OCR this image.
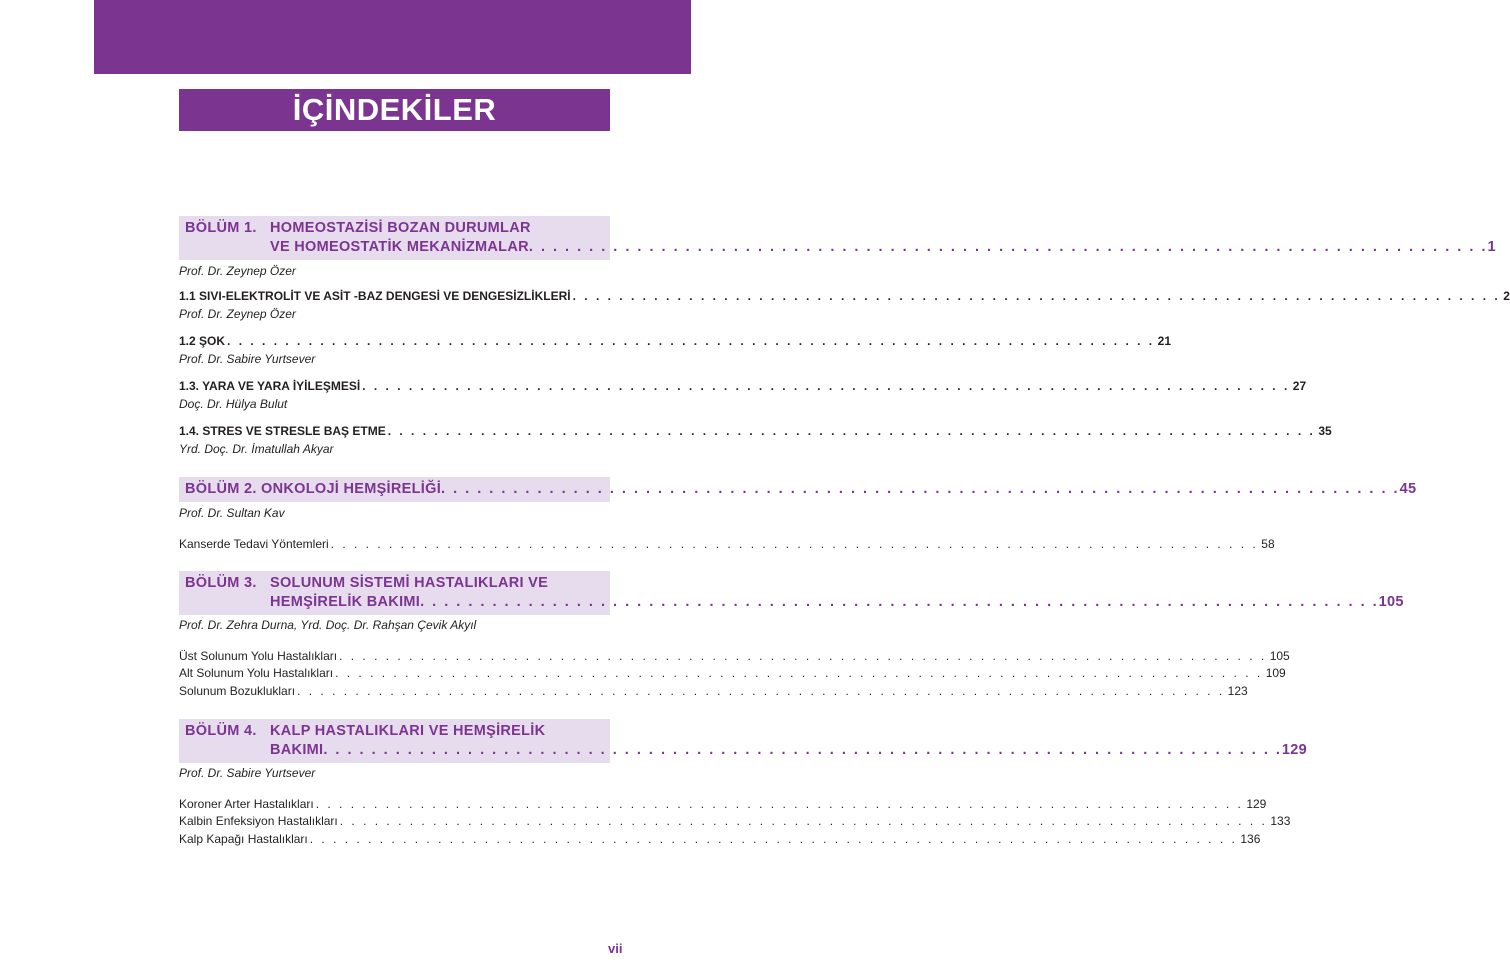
İÇİNDEKİLER
BÖLÜM 1. HOMEOSTAZİSİ BOZAN DURUMLAR
VE HOMEOSTATİK MEKANİZMALAR . . . . . . . . . . . . . . . . . . . . . . . . . . . . . . . . . . . . . . . . . . . . . . . . . . . . . . . . . . . . . . . . . . . . . . . . . . . . . . . . 1
Prof. Dr. Zeynep Özer
1.1 SIVI-ELEKTROLİT VE ASİT -BAZ DENGESİ VE DENGESİZLİKLERİ . . . . . . . . . . . . . . . . . . . . . . . . . . . . . . . . . . . . . . . . . . . . . . . . . . . . . . . . . . . . . . . . . . . . . . . . . . . . . . . . 2
Prof. Dr. Zeynep Özer
1.2 ŞOK . . . . . . . . . . . . . . . . . . . . . . . . . . . . . . . . . . . . . . . . . . . . . . . . . . . . . . . . . . . . . . . . . . . . . . . . . . . . . . . . 21
Prof. Dr. Sabire Yurtsever
1.3. YARA VE YARA İYİLEŞMESİ . . . . . . . . . . . . . . . . . . . . . . . . . . . . . . . . . . . . . . . . . . . . . . . . . . . . . . . . . . . . . . . . . . . . . . . . . . . . . . . . 27
Doç. Dr. Hülya Bulut
1.4. STRES VE STRESLE BAŞ ETME . . . . . . . . . . . . . . . . . . . . . . . . . . . . . . . . . . . . . . . . . . . . . . . . . . . . . . . . . . . . . . . . . . . . . . . . . . . . . . . . 35
Yrd. Doç. Dr. İmatullah Akyar
BÖLÜM 2. ONKOLOJİ HEMŞİRELİĞİ . . . . . . . . . . . . . . . . . . . . . . . . . . . . . . . . . . . . . . . . . . . . . . . . . . . . . . . . . . . . . . . . . . . . . . . . . . . . . . . . 45
Prof. Dr. Sultan Kav
Kanserde Tedavi Yöntemleri . . . . . . . . . . . . . . . . . . . . . . . . . . . . . . . . . . . . . . . . . . . . . . . . . . . . . . . . . . . . . . . . . . . . . . . . . . . . . . . . 58
BÖLÜM 3. SOLUNUM SİSTEMİ HASTALIKLARI VE
HEMŞİRELİK BAKIMI . . . . . . . . . . . . . . . . . . . . . . . . . . . . . . . . . . . . . . . . . . . . . . . . . . . . . . . . . . . . . . . . . . . . . . . . . . . . . . . . 105
Prof. Dr. Zehra Durna, Yrd. Doç. Dr. Rahşan Çevik Akyıl
Üst Solunum Yolu Hastalıkları . . . . . . . . . . . . . . . . . . . . . . . . . . . . . . . . . . . . . . . . . . . . . . . . . . . . . . . . . . . . . . . . . . . . . . . . . . . . . . . . 105
Alt Solunum Yolu Hastalıkları . . . . . . . . . . . . . . . . . . . . . . . . . . . . . . . . . . . . . . . . . . . . . . . . . . . . . . . . . . . . . . . . . . . . . . . . . . . . . . . . 109
Solunum Bozuklukları . . . . . . . . . . . . . . . . . . . . . . . . . . . . . . . . . . . . . . . . . . . . . . . . . . . . . . . . . . . . . . . . . . . . . . . . . . . . . . . . 123
BÖLÜM 4. KALP HASTALIKLARI VE HEMŞİRELİK
BAKIMI . . . . . . . . . . . . . . . . . . . . . . . . . . . . . . . . . . . . . . . . . . . . . . . . . . . . . . . . . . . . . . . . . . . . . . . . . . . . . . . . 129
Prof. Dr. Sabire Yurtsever
Koroner Arter Hastalıkları . . . . . . . . . . . . . . . . . . . . . . . . . . . . . . . . . . . . . . . . . . . . . . . . . . . . . . . . . . . . . . . . . . . . . . . . . . . . . . . . 129
Kalbin Enfeksiyon Hastalıkları . . . . . . . . . . . . . . . . . . . . . . . . . . . . . . . . . . . . . . . . . . . . . . . . . . . . . . . . . . . . . . . . . . . . . . . . . . . . . . . . 133
Kalp Kapağı Hastalıkları . . . . . . . . . . . . . . . . . . . . . . . . . . . . . . . . . . . . . . . . . . . . . . . . . . . . . . . . . . . . . . . . . . . . . . . . . . . . . . . . 136
vii
